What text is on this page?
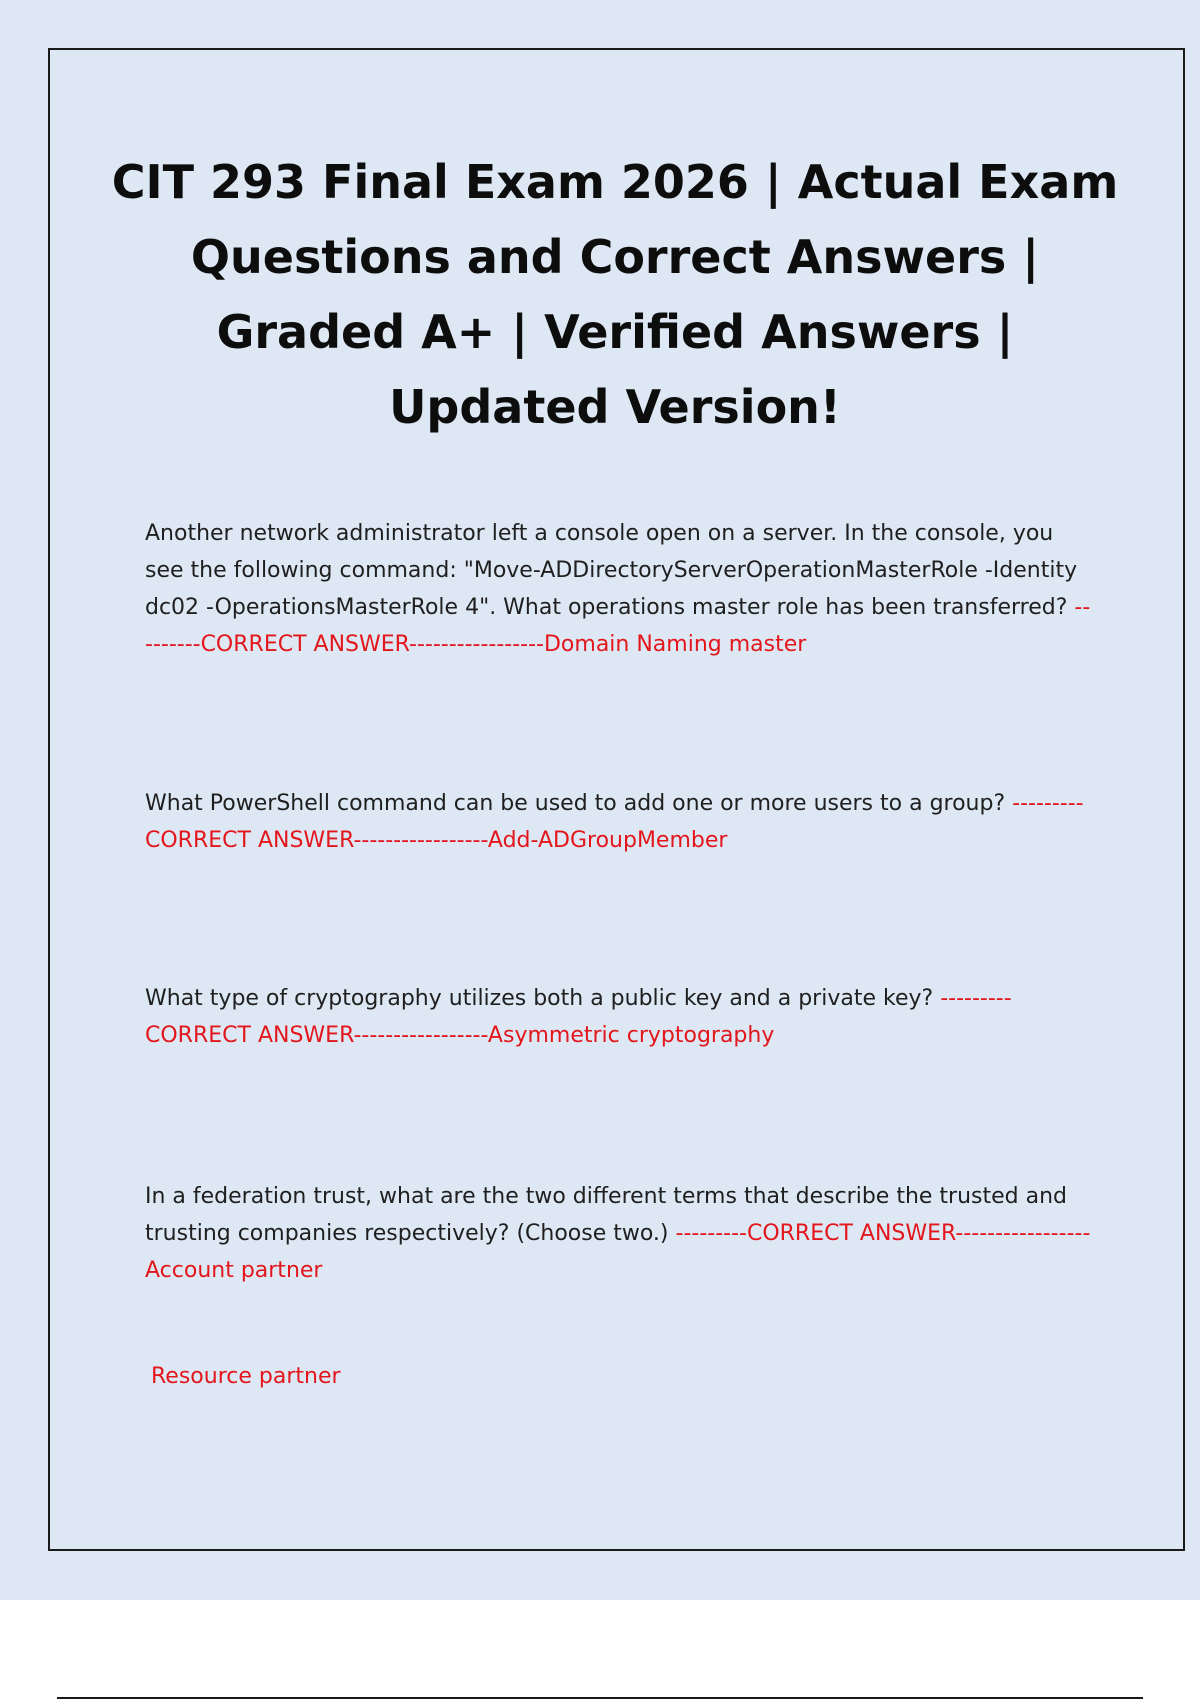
CIT 293 Final Exam 2026 | Actual Exam Questions and Correct Answers | Graded A+ | Verified Answers | Updated Version!

Another network administrator left a console open on a server. In the console, you see the following command: "Move-ADDirectoryServerOperationMasterRole -Identity dc02 -OperationsMasterRole 4". What operations master role has been transferred? ---------CORRECT ANSWER-----------------Domain Naming master

What PowerShell command can be used to add one or more users to a group? ---------CORRECT ANSWER-----------------Add-ADGroupMember

What type of cryptography utilizes both a public key and a private key? ---------CORRECT ANSWER-----------------Asymmetric cryptography

In a federation trust, what are the two different terms that describe the trusted and trusting companies respectively? (Choose two.) ---------CORRECT ANSWER-----------------Account partner

Resource partner
